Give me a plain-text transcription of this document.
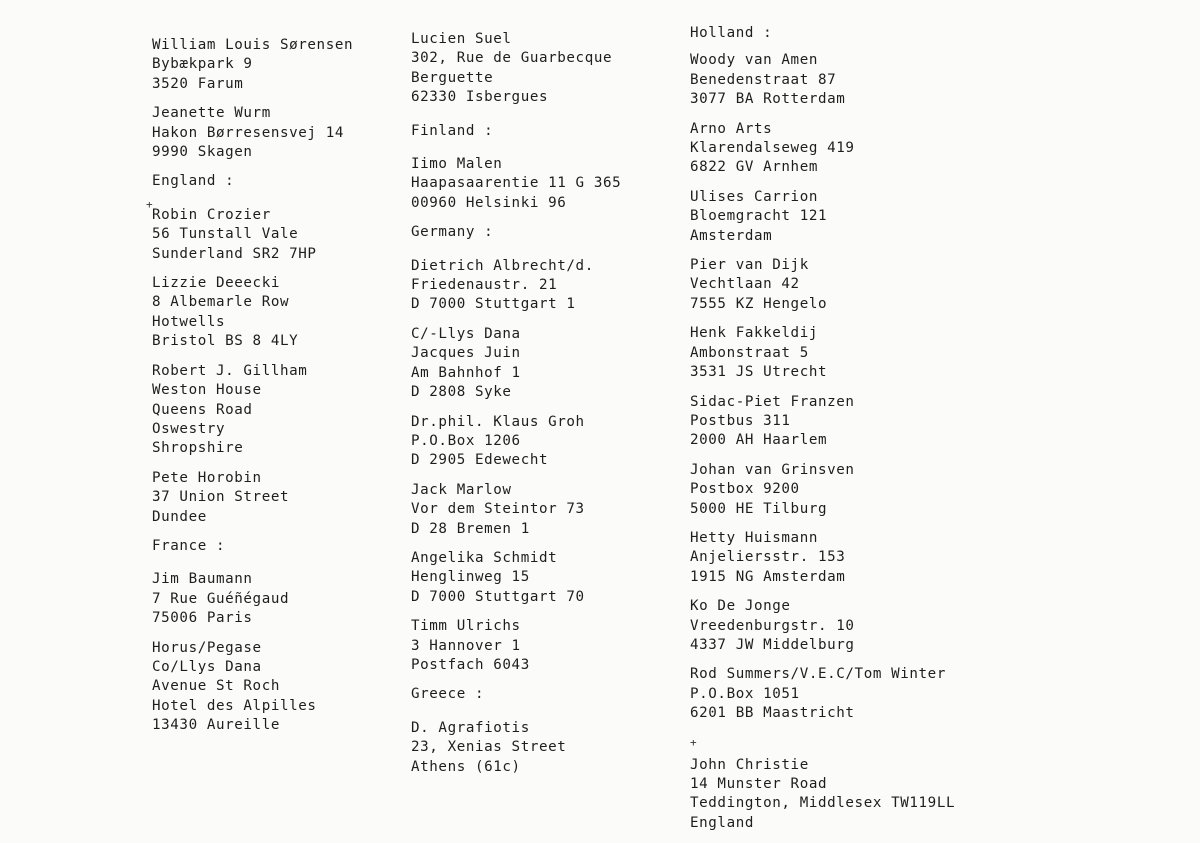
+
+
William Louis Sørensen
Bybækpark 9
3520 Farum
Jeanette Wurm
Hakon Børresensvej 14
9990 Skagen
England :
Robin Crozier
56 Tunstall Vale
Sunderland SR2 7HP
Lizzie Deeecki
8 Albemarle Row
Hotwells
Bristol BS 8 4LY
Robert J. Gillham
Weston House
Queens Road
Oswestry
Shropshire
Pete Horobin
37 Union Street
Dundee
France :
Jim Baumann
7 Rue Guéñégaud
75006 Paris
Horus/Pegase
Co/Llys Dana
Avenue St Roch
Hotel des Alpilles
13430 Aureille
Lucien Suel
302, Rue de Guarbecque
Berguette
62330 Isbergues
Finland :
Iimo Malen
Haapasaarentie 11 G 365
00960 Helsinki 96
Germany :
Dietrich Albrecht/d.
Friedenaustr. 21
D 7000 Stuttgart 1
C/-Llys Dana
Jacques Juin
Am Bahnhof 1
D 2808 Syke
Dr.phil. Klaus Groh
P.O.Box 1206
D 2905 Edewecht
Jack Marlow
Vor dem Steintor 73
D 28 Bremen 1
Angelika Schmidt
Henglinweg 15
D 7000 Stuttgart 70
Timm Ulrichs
3 Hannover 1
Postfach 6043
Greece :
D. Agrafiotis
23, Xenias Street
Athens (61c)
Holland :
Woody van Amen
Benedenstraat 87
3077 BA Rotterdam
Arno Arts
Klarendalseweg 419
6822 GV Arnhem
Ulises Carrion
Bloemgracht 121
Amsterdam
Pier van Dijk
Vechtlaan 42
7555 KZ Hengelo
Henk Fakkeldij
Ambonstraat 5
3531 JS Utrecht
Sidac-Piet Franzen
Postbus 311
2000 AH Haarlem
Johan van Grinsven
Postbox 9200
5000 HE Tilburg
Hetty Huismann
Anjeliersstr. 153
1915 NG Amsterdam
Ko De Jonge
Vreedenburgstr. 10
4337 JW Middelburg
Rod Summers/V.E.C/Tom Winter
P.O.Box 1051
6201 BB Maastricht
John Christie
14 Munster Road
Teddington, Middlesex TW119LL
England
